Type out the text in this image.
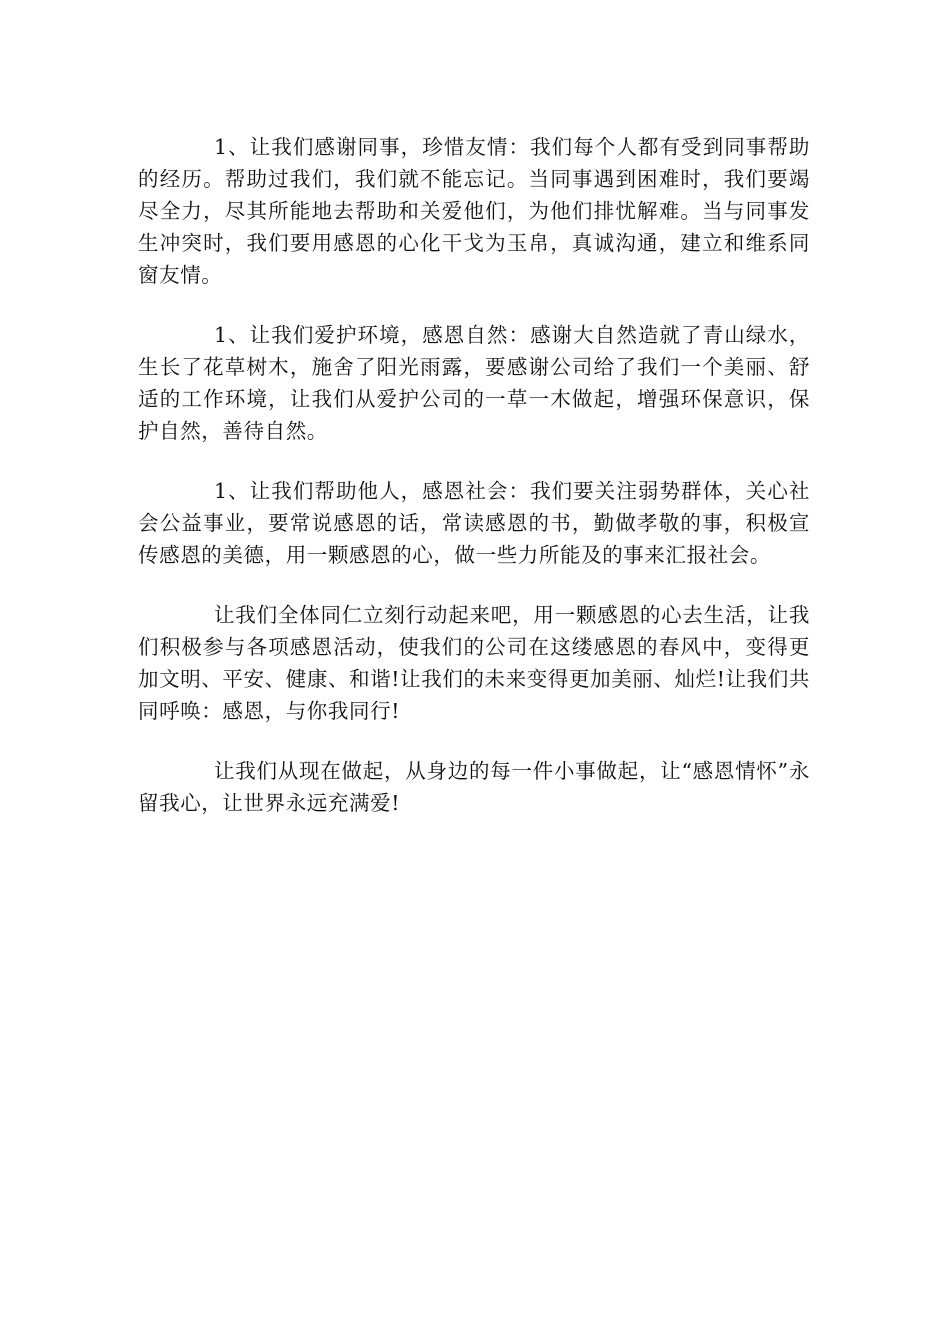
1、让我们感谢同事，珍惜友情：我们每个人都有受到同事帮助的经历。帮助过我们，我们就不能忘记。当同事遇到困难时，我们要竭尽全力，尽其所能地去帮助和关爱他们，为他们排忧解难。当与同事发生冲突时，我们要用感恩的心化干戈为玉帛，真诚沟通，建立和维系同窗友情。

1、让我们爱护环境，感恩自然：感谢大自然造就了青山绿水，生长了花草树木，施舍了阳光雨露，要感谢公司给了我们一个美丽、舒适的工作环境，让我们从爱护公司的一草一木做起，增强环保意识，保护自然，善待自然。

1、让我们帮助他人，感恩社会：我们要关注弱势群体，关心社会公益事业，要常说感恩的话，常读感恩的书，勤做孝敬的事，积极宣传感恩的美德，用一颗感恩的心，做一些力所能及的事来汇报社会。

让我们全体同仁立刻行动起来吧，用一颗感恩的心去生活，让我们积极参与各项感恩活动，使我们的公司在这缕感恩的春风中，变得更加文明、平安、健康、和谐!让我们的未来变得更加美丽、灿烂!让我们共同呼唤：感恩，与你我同行!

让我们从现在做起，从身边的每一件小事做起，让“感恩情怀”永留我心，让世界永远充满爱!
